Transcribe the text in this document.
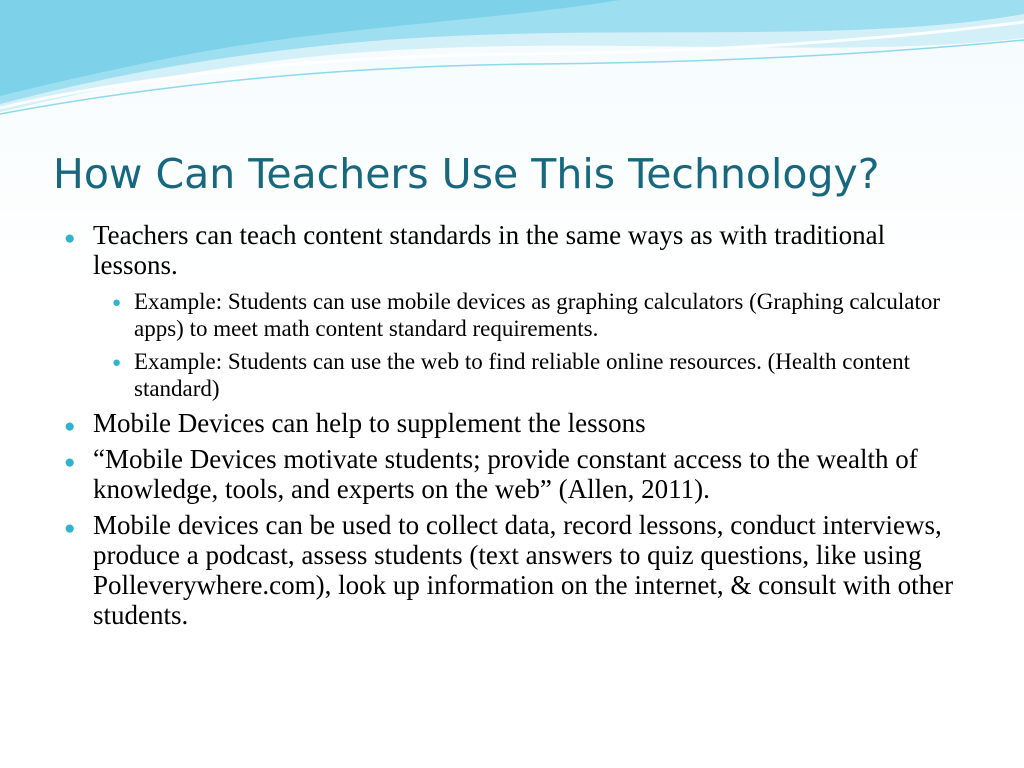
How Can Teachers Use This Technology?
● Teachers can teach content standards in the same ways as with traditional lessons.
● Example: Students can use mobile devices as graphing calculators (Graphing calculator apps) to meet math content standard requirements.
● Example: Students can use the web to find reliable online resources. (Health content standard)
● Mobile Devices can help to supplement the lessons
● “Mobile Devices motivate students; provide constant access to the wealth of knowledge, tools, and experts on the web” (Allen, 2011).
● Mobile devices can be used to collect data, record lessons, conduct interviews, produce a podcast, assess students (text answers to quiz questions, like using Polleverywhere.com), look up information on the internet, & consult with other students.
